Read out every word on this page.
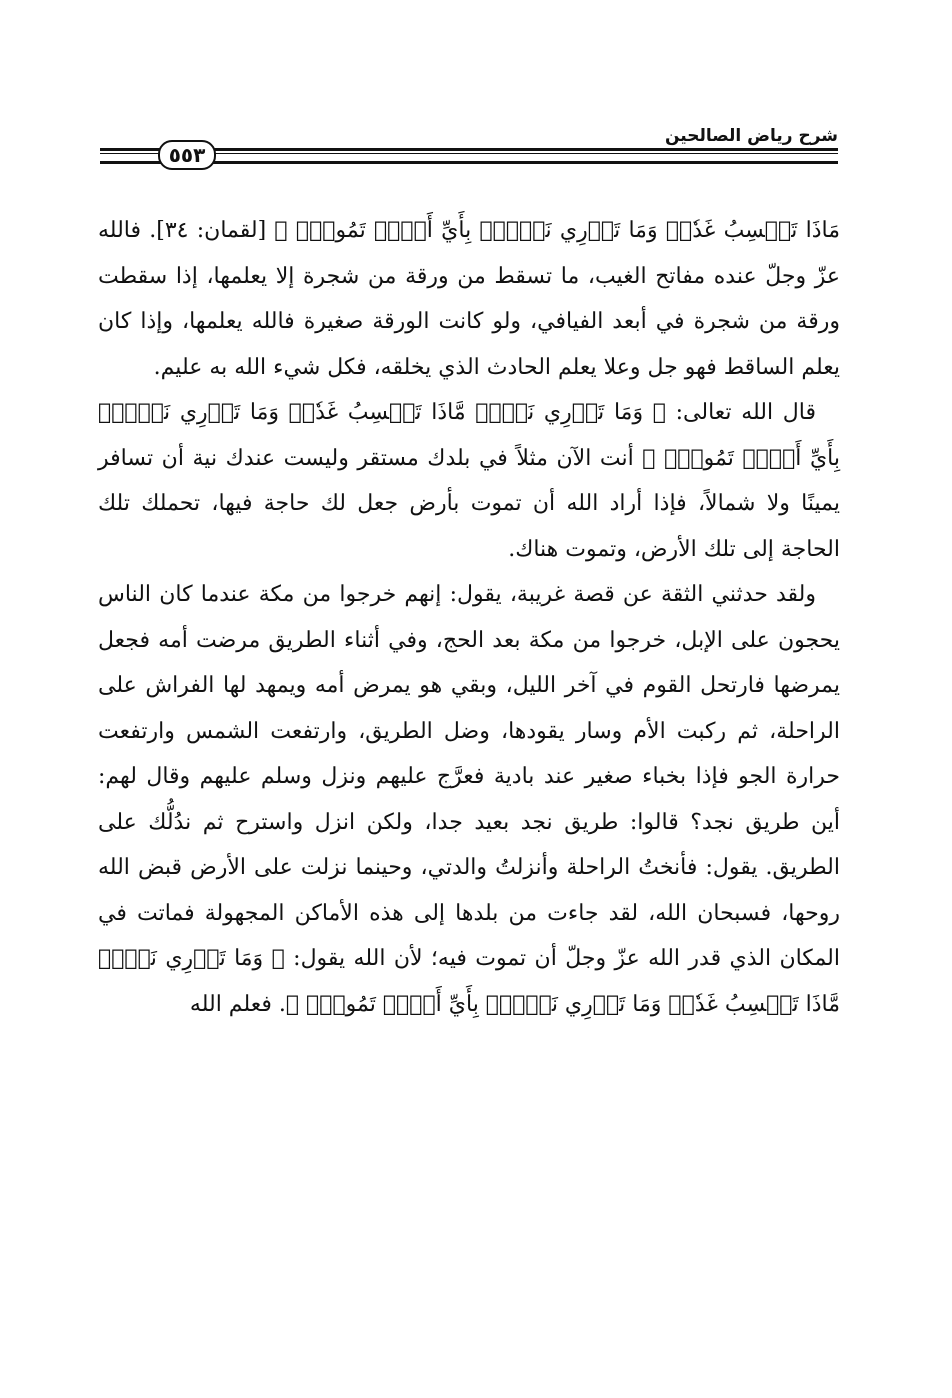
شرح رياض الصالحين
٥٥٣

مَاذَا تَكۡسِبُ غَدٗاۖ وَمَا تَدۡرِي نَفۡسُۢ بِأَيِّ أَرۡضٖ تَمُوتُۚ ﴾ [لقمان: ٣٤]. فالله عزّ وجلّ عنده مفاتح الغيب، ما تسقط من ورقة من شجرة إلا يعلمها، إذا سقطت ورقة من شجرة في أبعد الفيافي، ولو كانت الورقة صغيرة فالله يعلمها، وإذا كان يعلم الساقط فهو جل وعلا يعلم الحادث الذي يخلقه، فكل شيء الله به عليم.

قال الله تعالى: ﴿ وَمَا تَدۡرِي نَفۡسٞ مَّاذَا تَكۡسِبُ غَدٗاۖ وَمَا تَدۡرِي نَفۡسُۢ بِأَيِّ أَرۡضٖ تَمُوتُۚ ﴾ أنت الآن مثلاً في بلدك مستقر وليست عندك نية أن تسافر يمينًا ولا شمالاً، فإذا أراد الله أن تموت بأرض جعل لك حاجة فيها، تحملك تلك الحاجة إلى تلك الأرض، وتموت هناك.

ولقد حدثني الثقة عن قصة غريبة، يقول: إنهم خرجوا من مكة عندما كان الناس يحجون على الإبل، خرجوا من مكة بعد الحج، وفي أثناء الطريق مرضت أمه فجعل يمرضها فارتحل القوم في آخر الليل، وبقي هو يمرض أمه ويمهد لها الفراش على الراحلة، ثم ركبت الأم وسار يقودها، وضل الطريق، وارتفعت الشمس وارتفعت حرارة الجو فإذا بخباء صغير عند بادية فعرَّج عليهم ونزل وسلم عليهم وقال لهم: أين طريق نجد؟ قالوا: طريق نجد بعيد جدا، ولكن انزل واسترح ثم ندُلُّك على الطريق. يقول: فأنختُ الراحلة وأنزلتُ والدتي، وحينما نزلت على الأرض قبض الله روحها، فسبحان الله، لقد جاءت من بلدها إلى هذه الأماكن المجهولة فماتت في المكان الذي قدر الله عزّ وجلّ أن تموت فيه؛ لأن الله يقول: ﴿ وَمَا تَدۡرِي نَفۡسٞ مَّاذَا تَكۡسِبُ غَدٗاۖ وَمَا تَدۡرِي نَفۡسُۢ بِأَيِّ أَرۡضٖ تَمُوتُۚ ﴾. فعلم الله
